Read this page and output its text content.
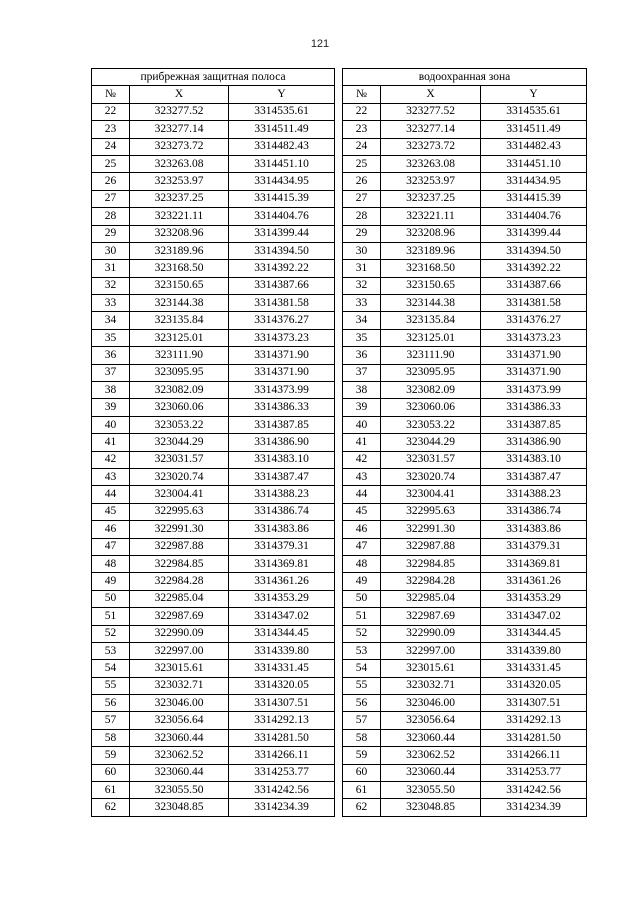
121
прибрежная защитная полоса		
№	X	Y
22	323277.52	3314535.61
23	323277.14	3314511.49
24	323273.72	3314482.43
25	323263.08	3314451.10
26	323253.97	3314434.95
27	323237.25	3314415.39
28	323221.11	3314404.76
29	323208.96	3314399.44
30	323189.96	3314394.50
31	323168.50	3314392.22
32	323150.65	3314387.66
33	323144.38	3314381.58
34	323135.84	3314376.27
35	323125.01	3314373.23
36	323111.90	3314371.90
37	323095.95	3314371.90
38	323082.09	3314373.99
39	323060.06	3314386.33
40	323053.22	3314387.85
41	323044.29	3314386.90
42	323031.57	3314383.10
43	323020.74	3314387.47
44	323004.41	3314388.23
45	322995.63	3314386.74
46	322991.30	3314383.86
47	322987.88	3314379.31
48	322984.85	3314369.81
49	322984.28	3314361.26
50	322985.04	3314353.29
51	322987.69	3314347.02
52	322990.09	3314344.45
53	322997.00	3314339.80
54	323015.61	3314331.45
55	323032.71	3314320.05
56	323046.00	3314307.51
57	323056.64	3314292.13
58	323060.44	3314281.50
59	323062.52	3314266.11
60	323060.44	3314253.77
61	323055.50	3314242.56
62	323048.85	3314234.39
водоохранная зона		
№	X	Y
22	323277.52	3314535.61
23	323277.14	3314511.49
24	323273.72	3314482.43
25	323263.08	3314451.10
26	323253.97	3314434.95
27	323237.25	3314415.39
28	323221.11	3314404.76
29	323208.96	3314399.44
30	323189.96	3314394.50
31	323168.50	3314392.22
32	323150.65	3314387.66
33	323144.38	3314381.58
34	323135.84	3314376.27
35	323125.01	3314373.23
36	323111.90	3314371.90
37	323095.95	3314371.90
38	323082.09	3314373.99
39	323060.06	3314386.33
40	323053.22	3314387.85
41	323044.29	3314386.90
42	323031.57	3314383.10
43	323020.74	3314387.47
44	323004.41	3314388.23
45	322995.63	3314386.74
46	322991.30	3314383.86
47	322987.88	3314379.31
48	322984.85	3314369.81
49	322984.28	3314361.26
50	322985.04	3314353.29
51	322987.69	3314347.02
52	322990.09	3314344.45
53	322997.00	3314339.80
54	323015.61	3314331.45
55	323032.71	3314320.05
56	323046.00	3314307.51
57	323056.64	3314292.13
58	323060.44	3314281.50
59	323062.52	3314266.11
60	323060.44	3314253.77
61	323055.50	3314242.56
62	323048.85	3314234.39
